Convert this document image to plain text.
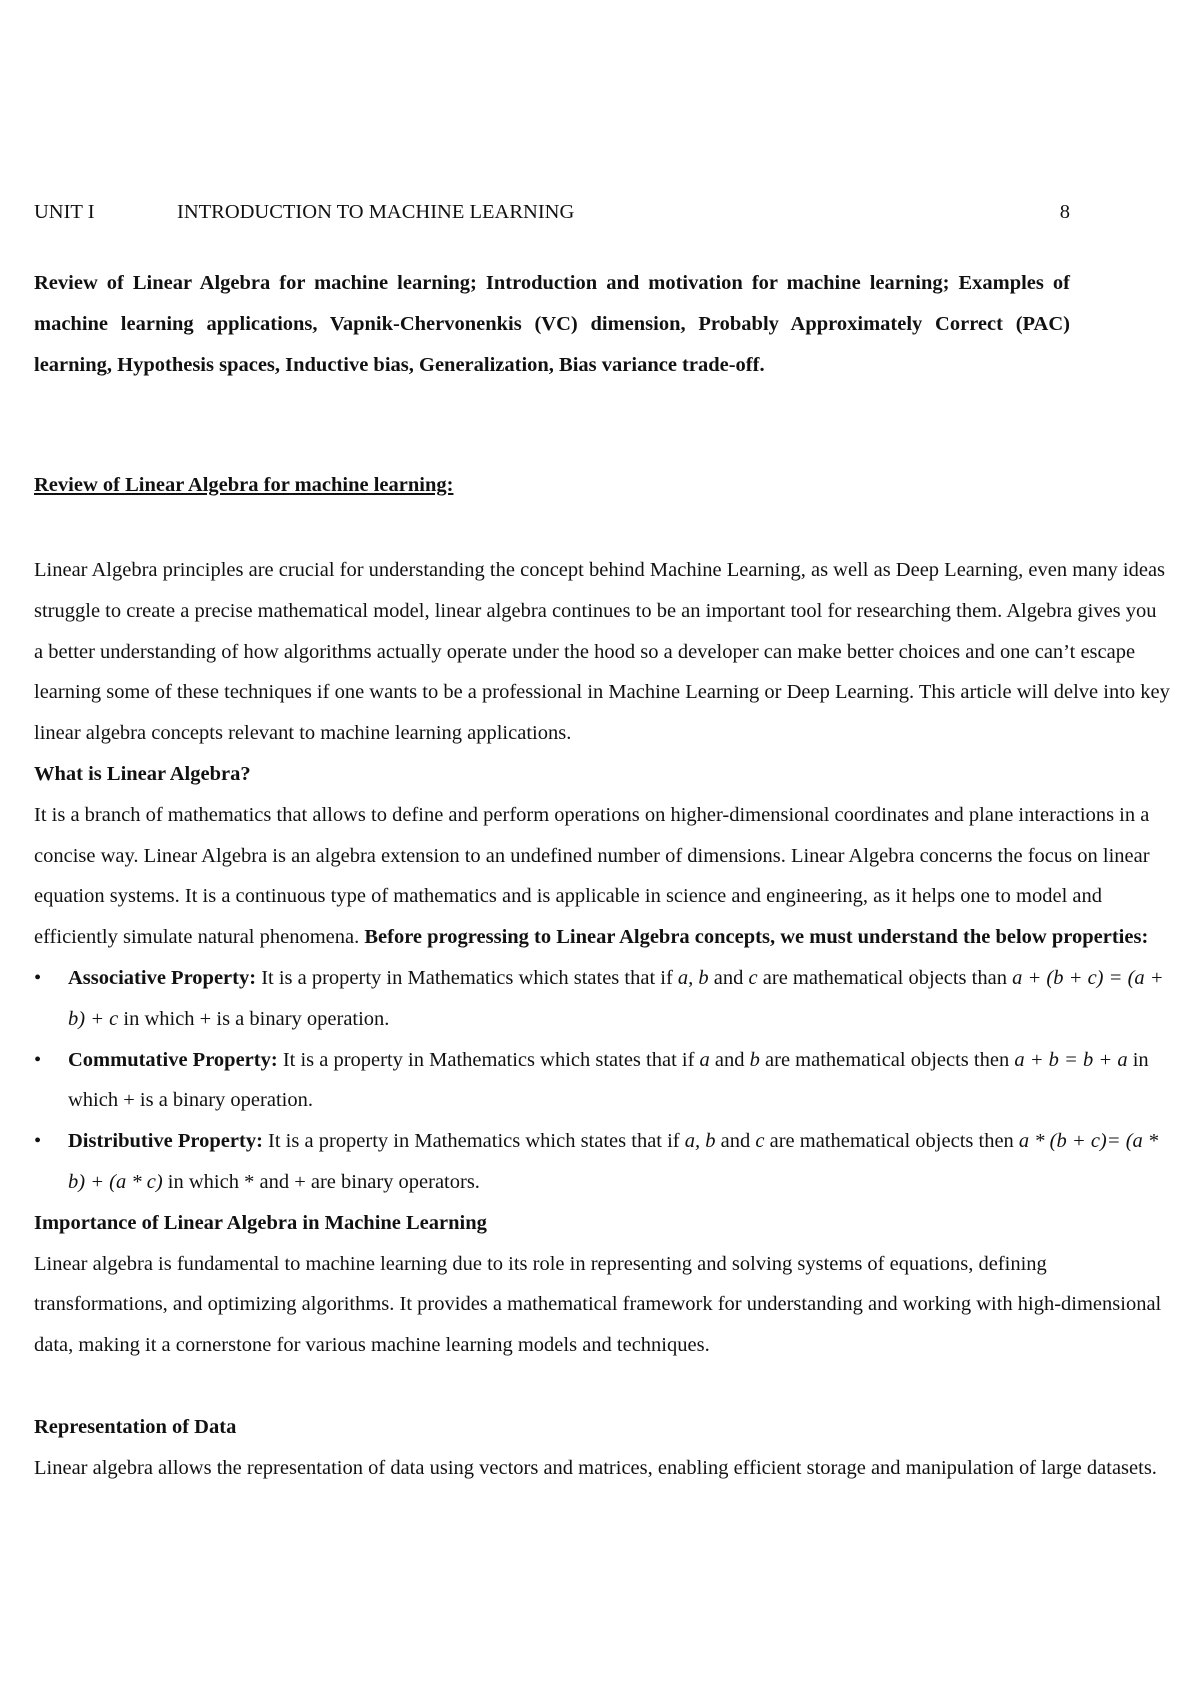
UNIT I	INTRODUCTION TO MACHINE LEARNING	8

Review of Linear Algebra for machine learning; Introduction and motivation for machine learning; Examples of machine learning applications, Vapnik-Chervonenkis (VC) dimension, Probably Approximately Correct (PAC) learning, Hypothesis spaces, Inductive bias, Generalization, Bias variance trade-off.

Review of Linear Algebra for machine learning:

Linear Algebra principles are crucial for understanding the concept behind Machine Learning, as well as Deep Learning, even many ideas struggle to create a precise mathematical model, linear algebra continues to be an important tool for researching them. Algebra gives you a better understanding of how algorithms actually operate under the hood so a developer can make better choices and one can’t escape learning some of these techniques if one wants to be a professional in Machine Learning or Deep Learning. This article will delve into key linear algebra concepts relevant to machine learning applications.

What is Linear Algebra?

It is a branch of mathematics that allows to define and perform operations on higher-dimensional coordinates and plane interactions in a concise way. Linear Algebra is an algebra extension to an undefined number of dimensions. Linear Algebra concerns the focus on linear equation systems. It is a continuous type of mathematics and is applicable in science and engineering, as it helps one to model and efficiently simulate natural phenomena. Before progressing to Linear Algebra concepts, we must understand the below properties:

• Associative Property: It is a property in Mathematics which states that if a, b and c are mathematical objects than a + (b + c) = (a + b) + c in which + is a binary operation.
• Commutative Property: It is a property in Mathematics which states that if a and b are mathematical objects then a + b = b + a in which + is a binary operation.
• Distributive Property: It is a property in Mathematics which states that if a, b and c are mathematical objects then a * (b + c)= (a * b) + (a * c) in which * and + are binary operators.

Importance of Linear Algebra in Machine Learning

Linear algebra is fundamental to machine learning due to its role in representing and solving systems of equations, defining transformations, and optimizing algorithms. It provides a mathematical framework for understanding and working with high-dimensional data, making it a cornerstone for various machine learning models and techniques.

Representation of Data

Linear algebra allows the representation of data using vectors and matrices, enabling efficient storage and manipulation of large datasets.
